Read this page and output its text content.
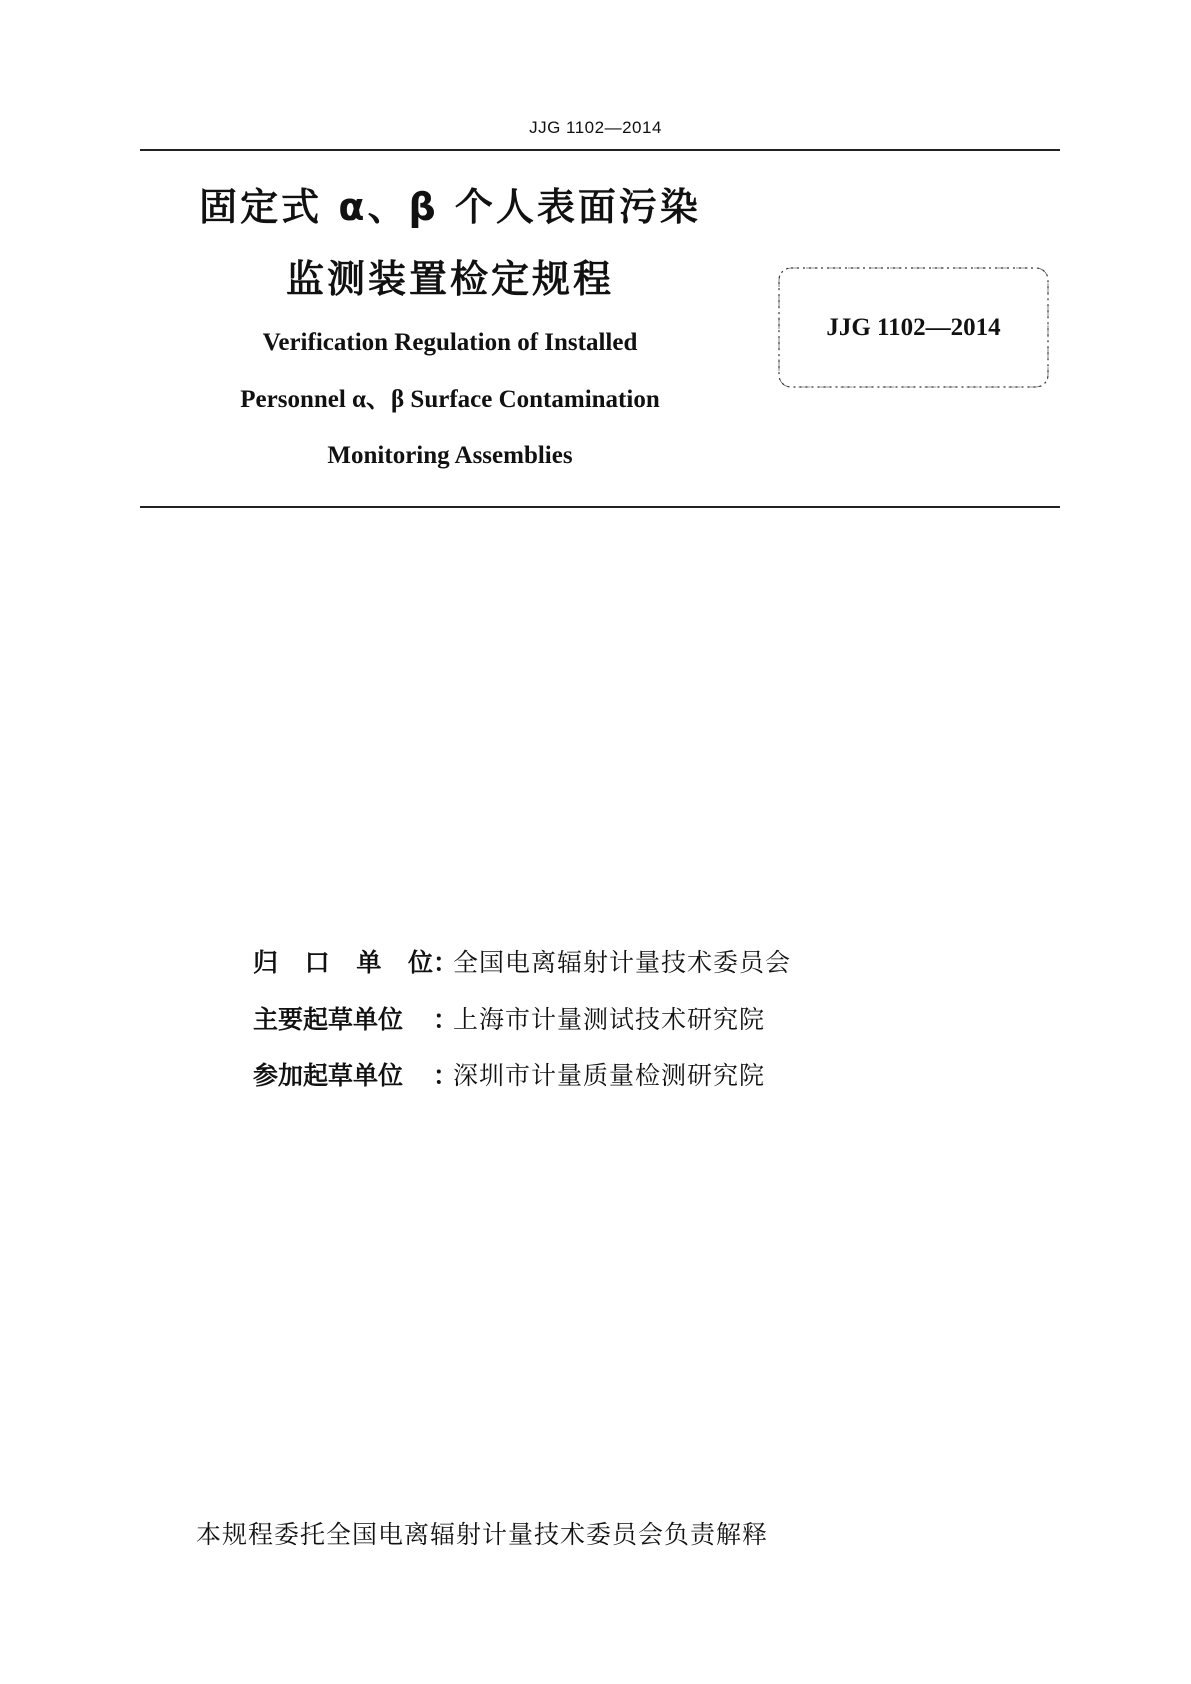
JJG 1102—2014
固定式 α、β 个人表面污染
监测装置检定规程
Verification Regulation of Installed
Personnel α、β Surface Contamination
Monitoring Assemblies
JJG 1102—2014
归 口 单 位 ：
全国电离辐射计量技术委员会
主要起草单位 ：
上海市计量测试技术研究院
参加起草单位 ：
深圳市计量质量检测研究院
本规程委托全国电离辐射计量技术委员会负责解释
